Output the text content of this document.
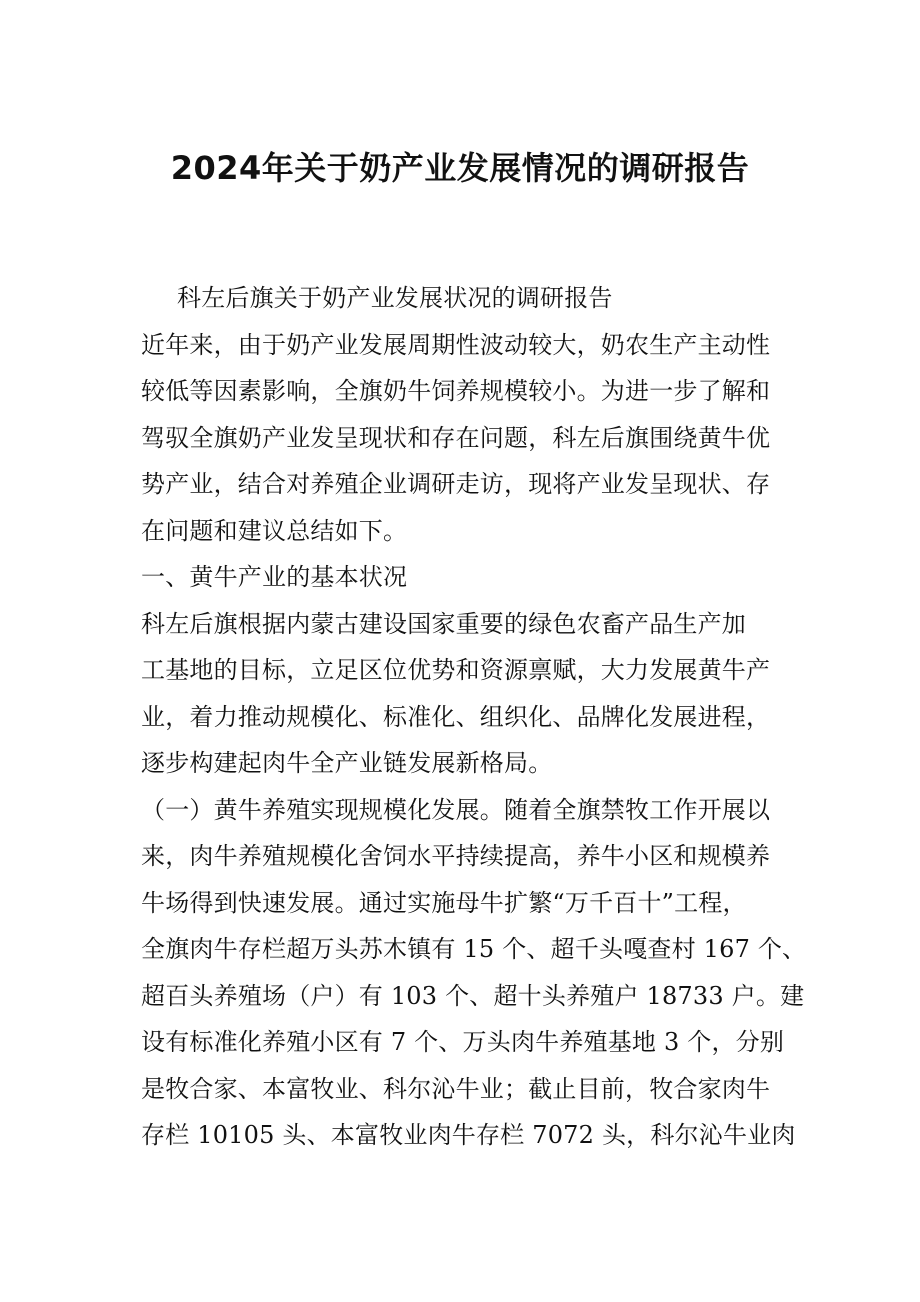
2024年关于奶产业发展情况的调研报告
科左后旗关于奶产业发展状况的调研报告
近年来，由于奶产业发展周期性波动较大，奶农生产主动性
较低等因素影响，全旗奶牛饲养规模较小。为进一步了解和
驾驭全旗奶产业发呈现状和存在问题，科左后旗围绕黄牛优
势产业，结合对养殖企业调研走访，现将产业发呈现状、存
在问题和建议总结如下。
一、黄牛产业的基本状况
科左后旗根据内蒙古建设国家重要的绿色农畜产品生产加
工基地的目标，立足区位优势和资源禀赋，大力发展黄牛产
业，着力推动规模化、标准化、组织化、品牌化发展进程，
逐步构建起肉牛全产业链发展新格局。
（一）黄牛养殖实现规模化发展。随着全旗禁牧工作开展以
来，肉牛养殖规模化舍饲水平持续提高，养牛小区和规模养
牛场得到快速发展。通过实施母牛扩繁“万千百十”工程，
全旗肉牛存栏超万头苏木镇有 15 个、超千头嘎查村 167 个、
超百头养殖场（户）有 103 个、超十头养殖户 18733 户。建
设有标准化养殖小区有 7 个、万头肉牛养殖基地 3 个，分别
是牧合家、本富牧业、科尔沁牛业；截止目前，牧合家肉牛
存栏 10105 头、本富牧业肉牛存栏 7072 头，科尔沁牛业肉
